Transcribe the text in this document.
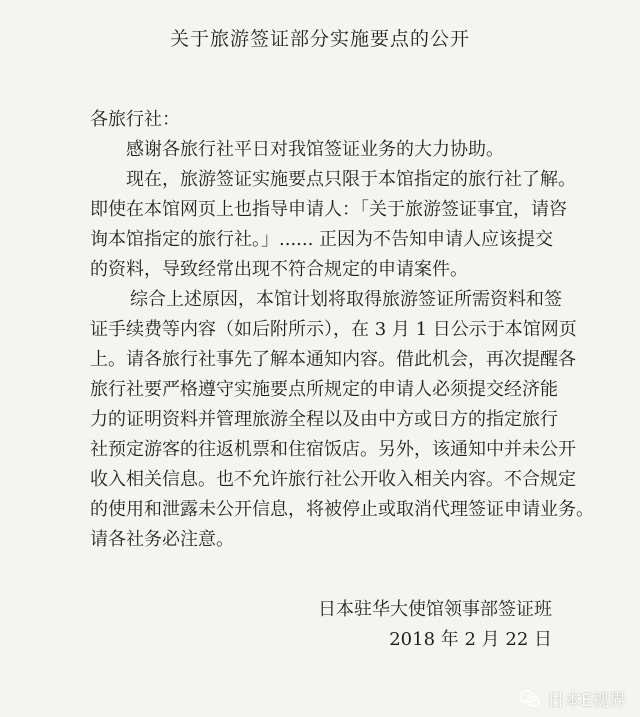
关于旅游签证部分实施要点的公开
各旅行社：
感谢各旅行社平日对我馆签证业务的大力协助。
现在，旅游签证实施要点只限于本馆指定的旅行社了解。
即使在本馆网页上也指导申请人：「关于旅游签证事宜，请咨
询本馆指定的旅行社。」...... 正因为不告知申请人应该提交
的资料，导致经常出现不符合规定的申请案件。
综合上述原因，本馆计划将取得旅游签证所需资料和签
证手续费等内容（如后附所示），在 3 月 1 日公示于本馆网页
上。请各旅行社事先了解本通知内容。借此机会，再次提醒各
旅行社要严格遵守实施要点所规定的申请人必须提交经济能
力的证明资料并管理旅游全程以及由中方或日方的指定旅行
社预定游客的往返机票和住宿饭店。另外，该通知中并未公开
收入相关信息。也不允许旅行社公开收入相关内容。不合规定
的使用和泄露未公开信息，将被停止或取消代理签证申请业务。
请各社务必注意。
日本驻华大使馆领事部签证班
2018 年 2 月 22 日
日本E视界
